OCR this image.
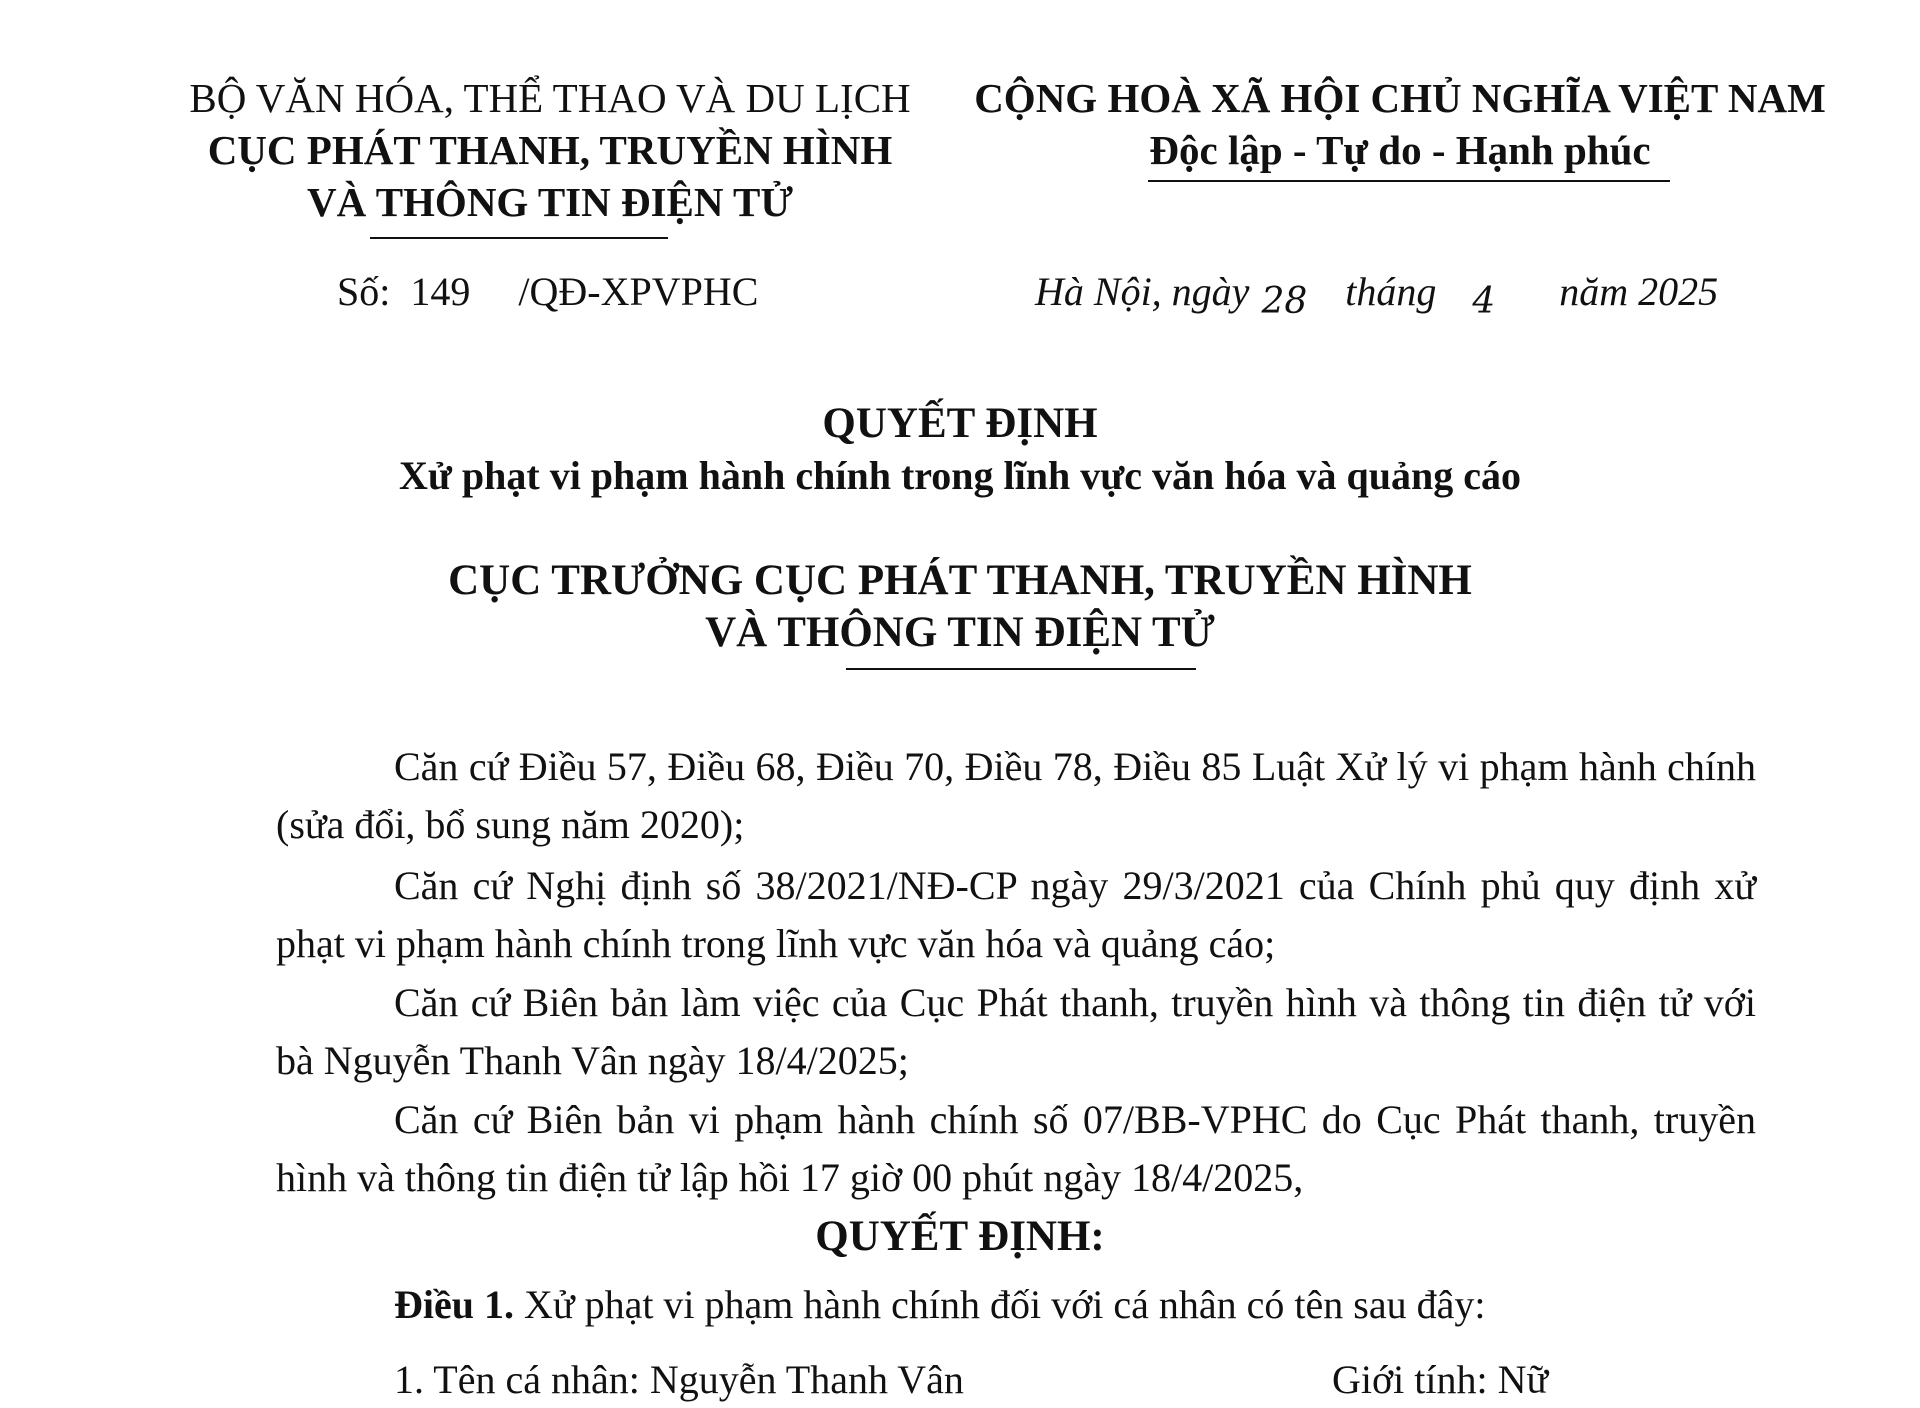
BỘ VĂN HÓA, THỂ THAO VÀ DU LỊCH
CỤC PHÁT THANH, TRUYỀN HÌNH
VÀ THÔNG TIN ĐIỆN TỬ
CỘNG HOÀ XÃ HỘI CHỦ NGHĨA VIỆT NAM
Độc lập - Tự do - Hạnh phúc
Số: 149 /QĐ-XPVPHC	Hà Nội, ngày 28 tháng 4 năm 2025
QUYẾT ĐỊNH
Xử phạt vi phạm hành chính trong lĩnh vực văn hóa và quảng cáo
CỤC TRƯỞNG CỤC PHÁT THANH, TRUYỀN HÌNH
VÀ THÔNG TIN ĐIỆN TỬ
Căn cứ Điều 57, Điều 68, Điều 70, Điều 78, Điều 85 Luật Xử lý vi phạm hành chính (sửa đổi, bổ sung năm 2020);
Căn cứ Nghị định số 38/2021/NĐ-CP ngày 29/3/2021 của Chính phủ quy định xử phạt vi phạm hành chính trong lĩnh vực văn hóa và quảng cáo;
Căn cứ Biên bản làm việc của Cục Phát thanh, truyền hình và thông tin điện tử với bà Nguyễn Thanh Vân ngày 18/4/2025;
Căn cứ Biên bản vi phạm hành chính số 07/BB-VPHC do Cục Phát thanh, truyền hình và thông tin điện tử lập hồi 17 giờ 00 phút ngày 18/4/2025,
QUYẾT ĐỊNH:
Điều 1. Xử phạt vi phạm hành chính đối với cá nhân có tên sau đây:
1. Tên cá nhân: Nguyễn Thanh Vân	Giới tính: Nữ
